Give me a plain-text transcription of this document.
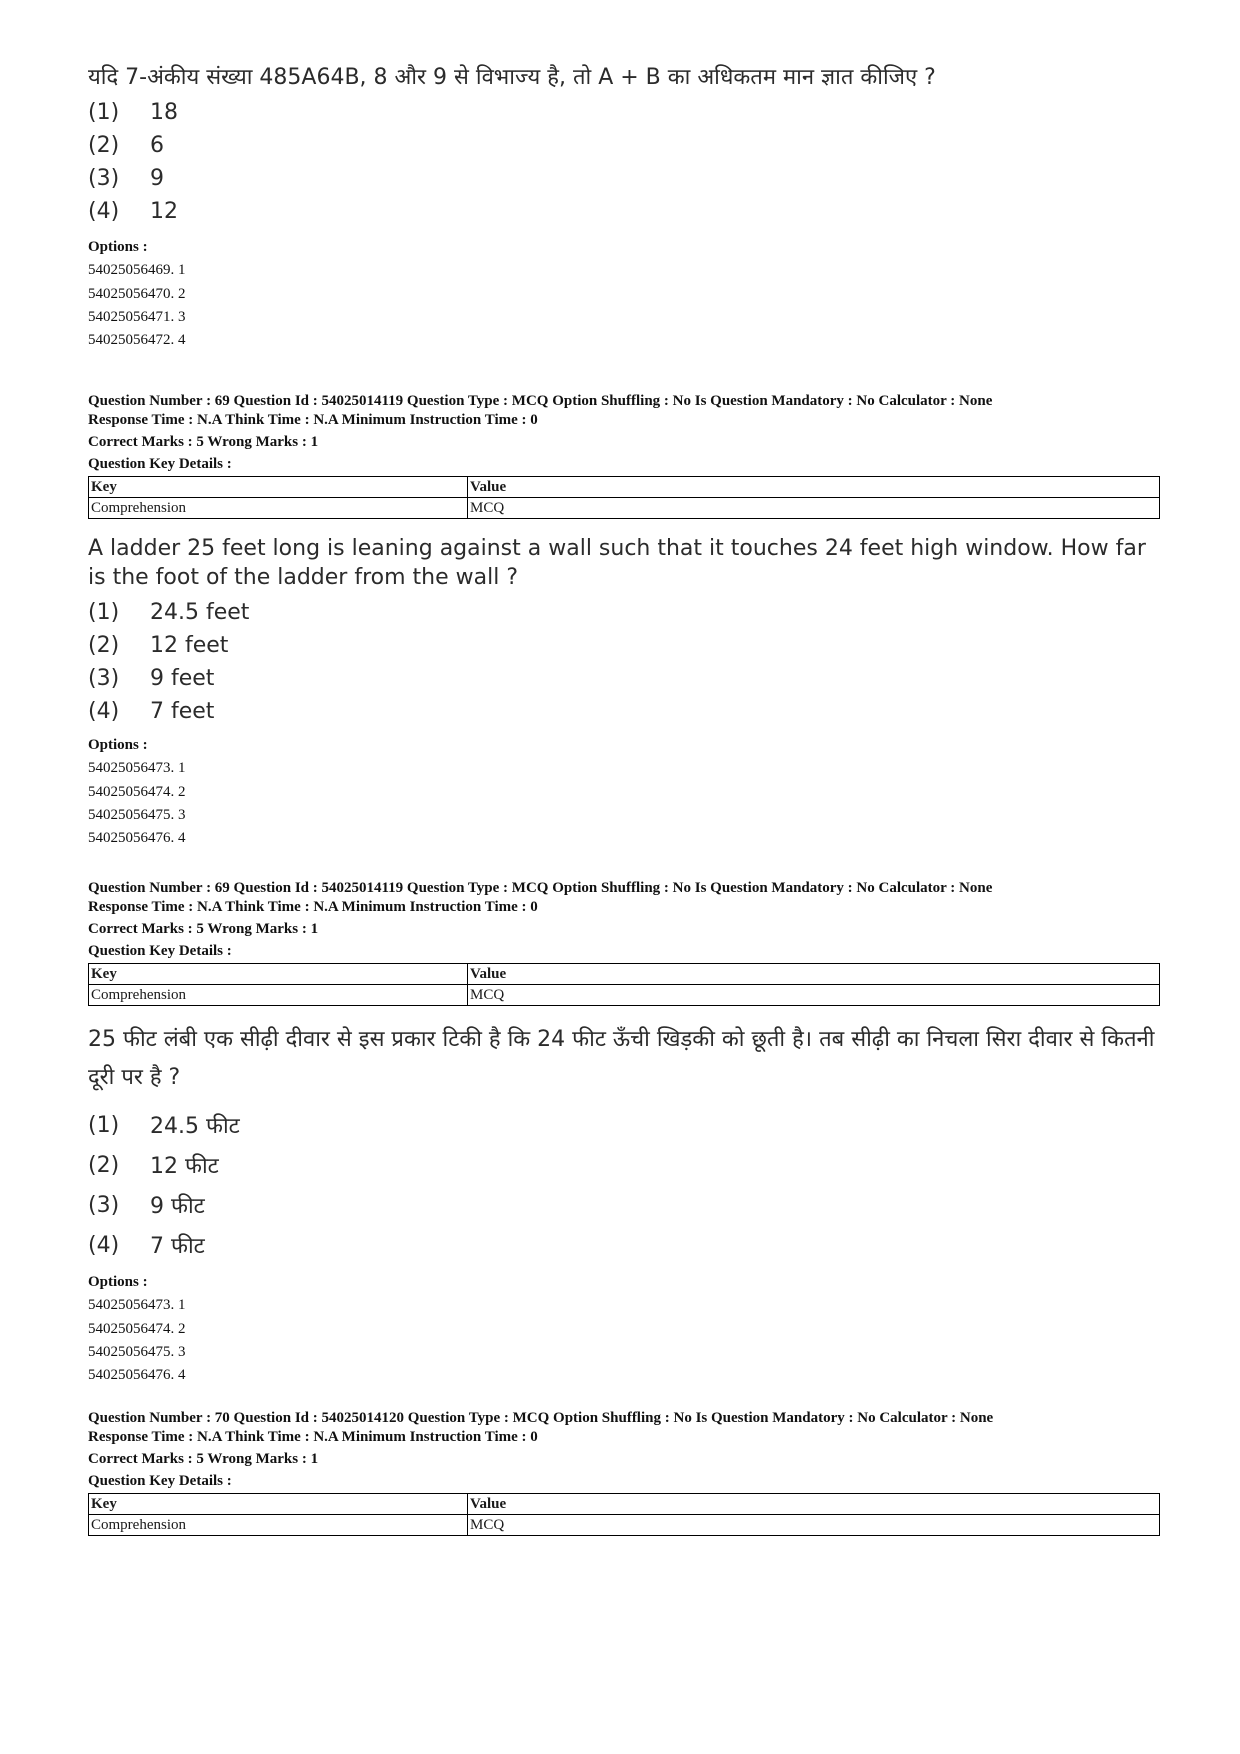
यदि 7-अंकीय संख्या 485A64B, 8 और 9 से विभाज्य है, तो A + B का अधिकतम मान ज्ञात कीजिए ?
(1)	18
(2)	6
(3)	9
(4)	12
Options :
54025056469. 1
54025056470. 2
54025056471. 3
54025056472. 4
Question Number : 69 Question Id : 54025014119 Question Type : MCQ Option Shuffling : No Is Question Mandatory : No Calculator : None
Response Time : N.A Think Time : N.A Minimum Instruction Time : 0
Correct Marks : 5 Wrong Marks : 1
Question Key Details :
Key	Value
Comprehension	MCQ
A ladder 25 feet long is leaning against a wall such that it touches 24 feet high window. How far is the foot of the ladder from the wall ?
(1)	24.5 feet
(2)	12 feet
(3)	9 feet
(4)	7 feet
Options :
54025056473. 1
54025056474. 2
54025056475. 3
54025056476. 4
Question Number : 69 Question Id : 54025014119 Question Type : MCQ Option Shuffling : No Is Question Mandatory : No Calculator : None
Response Time : N.A Think Time : N.A Minimum Instruction Time : 0
Correct Marks : 5 Wrong Marks : 1
Question Key Details :
Key	Value
Comprehension	MCQ
25 फीट लंबी एक सीढ़ी दीवार से इस प्रकार टिकी है कि 24 फीट ऊँची खिड़की को छूती है। तब सीढ़ी का निचला सिरा दीवार से कितनी दूरी पर है ?
(1)	24.5 फीट
(2)	12 फीट
(3)	9 फीट
(4)	7 फीट
Options :
54025056473. 1
54025056474. 2
54025056475. 3
54025056476. 4
Question Number : 70 Question Id : 54025014120 Question Type : MCQ Option Shuffling : No Is Question Mandatory : No Calculator : None
Response Time : N.A Think Time : N.A Minimum Instruction Time : 0
Correct Marks : 5 Wrong Marks : 1
Question Key Details :
Key	Value
Comprehension	MCQ
